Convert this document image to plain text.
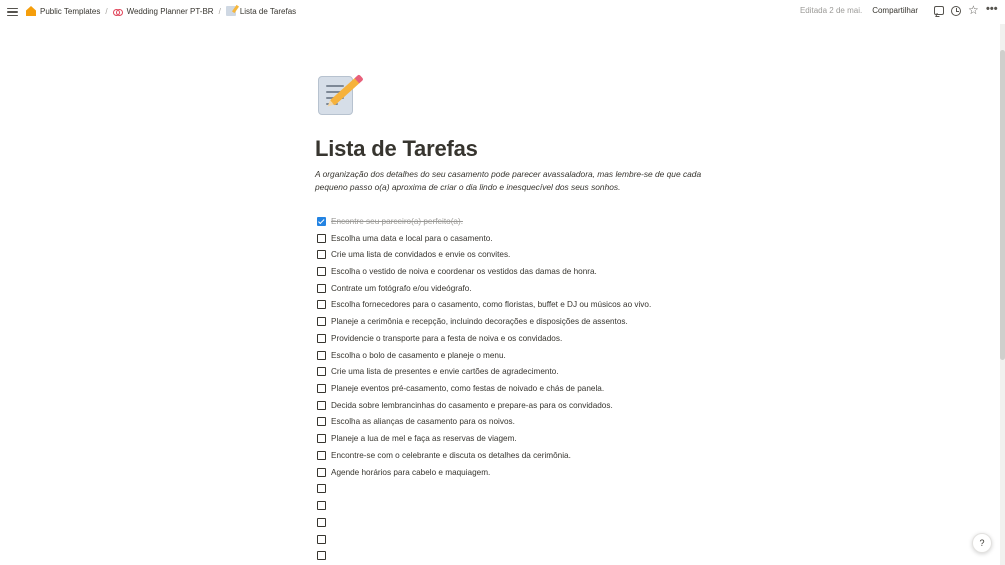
Public Templates / Wedding Planner PT-BR / Lista de Tarefas	Editada 2 de mai. Compartilhar	☆ •••
Lista de Tarefas
A organização dos detalhes do seu casamento pode parecer avassaladora, mas lembre-se de que cada pequeno passo o(a) aproxima de criar o dia lindo e inesquecível dos seus sonhos.
Encontre seu parceiro(a) perfeito(a).
Escolha uma data e local para o casamento.
Crie uma lista de convidados e envie os convites.
Escolha o vestido de noiva e coordenar os vestidos das damas de honra.
Contrate um fotógrafo e/ou videógrafo.
Escolha fornecedores para o casamento, como floristas, buffet e DJ ou músicos ao vivo.
Planeje a cerimônia e recepção, incluindo decorações e disposições de assentos.
Providencie o transporte para a festa de noiva e os convidados.
Escolha o bolo de casamento e planeje o menu.
Crie uma lista de presentes e envie cartões de agradecimento.
Planeje eventos pré-casamento, como festas de noivado e chás de panela.
Decida sobre lembrancinhas do casamento e prepare-as para os convidados.
Escolha as alianças de casamento para os noivos.
Planeje a lua de mel e faça as reservas de viagem.
Encontre-se com o celebrante e discuta os detalhes da cerimônia.
Agende horários para cabelo e maquiagem.
?
